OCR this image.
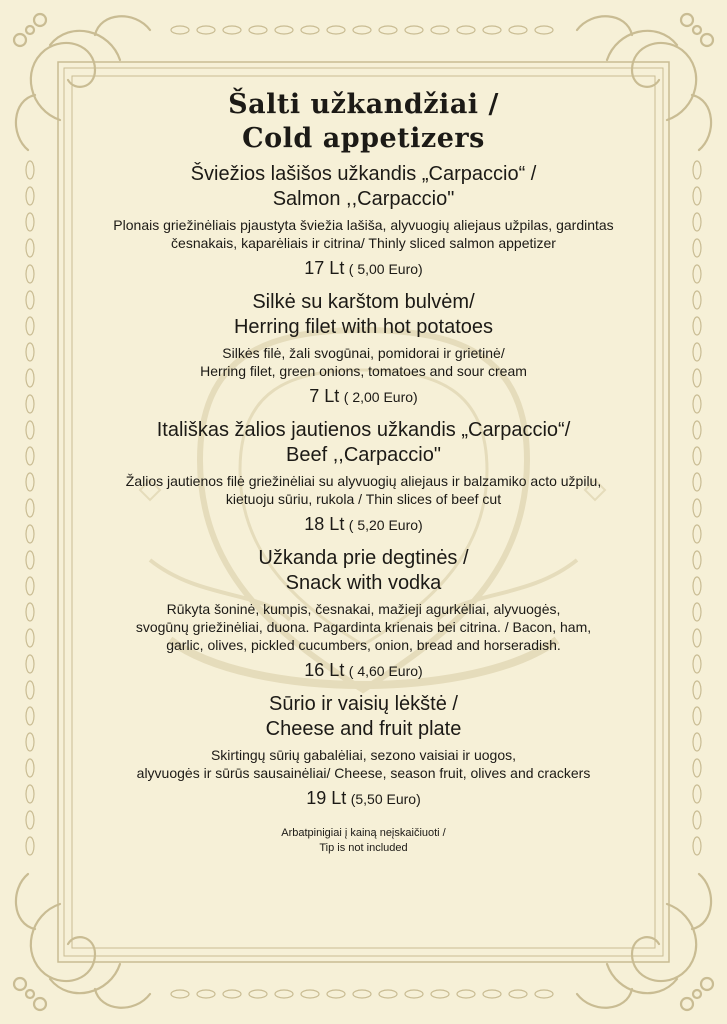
Šalti užkandžiai /
Cold appetizers
Šviežios lašišos užkandis „Carpaccio“ /
Salmon ,,Carpaccio"
Plonais griežinėliais pjaustyta šviežia lašiša, alyvuogių aliejaus užpilas, gardintas
česnakais, kaparėliais ir citrina/ Thinly sliced salmon appetizer
17 Lt ( 5,00 Euro)
Silkė su karštom bulvėm/
Herring filet with hot potatoes
Silkės filė, žali svogūnai, pomidorai ir grietinė/
Herring filet, green onions, tomatoes and sour cream
7 Lt ( 2,00 Euro)
Itališkas žalios jautienos užkandis „Carpaccio“/
Beef ,,Carpaccio"
Žalios jautienos filė griežinėliai su alyvuogių aliejaus ir balzamiko acto užpilu,
kietuoju sūriu, rukola / Thin slices of beef cut
18 Lt ( 5,20 Euro)
Užkanda prie degtinės /
Snack with vodka
Rūkyta šoninė, kumpis, česnakai, mažieji agurkėliai, alyvuogės,
svogūnų griežinėliai, duona. Pagardinta krienais bei citrina. / Bacon, ham,
garlic, olives, pickled cucumbers, onion, bread and horseradish.
16 Lt ( 4,60 Euro)
Sūrio ir vaisių lėkštė /
Cheese and fruit plate
Skirtingų sūrių gabalėliai, sezono vaisiai ir uogos,
alyvuogės ir sūrūs sausainėliai/ Cheese, season fruit, olives and crackers
19 Lt (5,50 Euro)
Arbatpinigiai į kainą neįskaičiuoti /
Tip is not included
